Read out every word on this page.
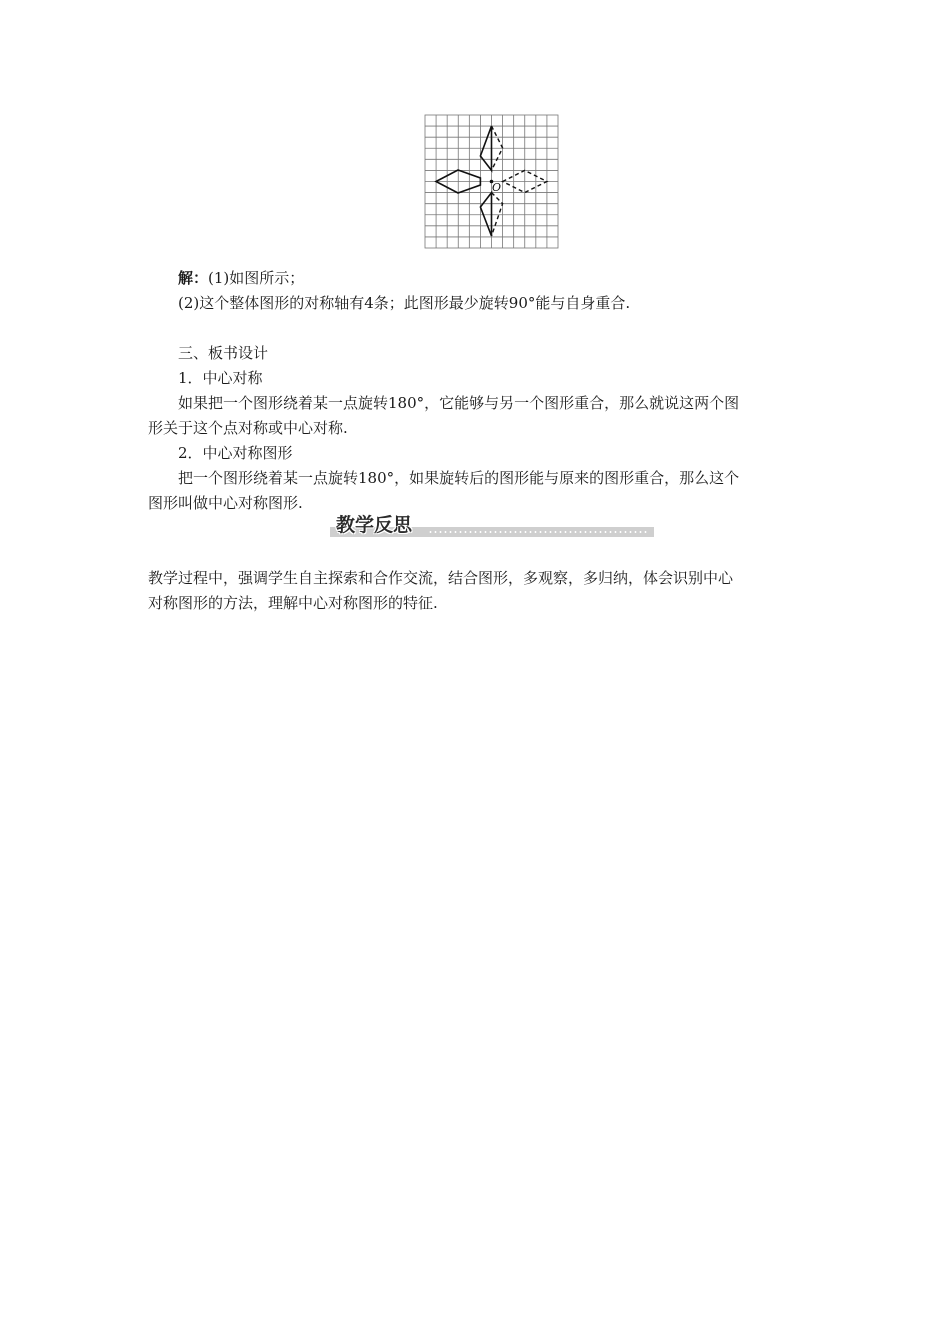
O
解：(1)如图所示；
(2)这个整体图形的对称轴有4条；此图形最少旋转90°能与自身重合.
三、板书设计
1．中心对称
如果把一个图形绕着某一点旋转180°，它能够与另一个图形重合，那么就说这两个图
形关于这个点对称或中心对称.
2．中心对称图形
把一个图形绕着某一点旋转180°，如果旋转后的图形能与原来的图形重合，那么这个
图形叫做中心对称图形.
教学反思
教学过程中，强调学生自主探索和合作交流，结合图形，多观察，多归纳，体会识别中心
对称图形的方法，理解中心对称图形的特征.
